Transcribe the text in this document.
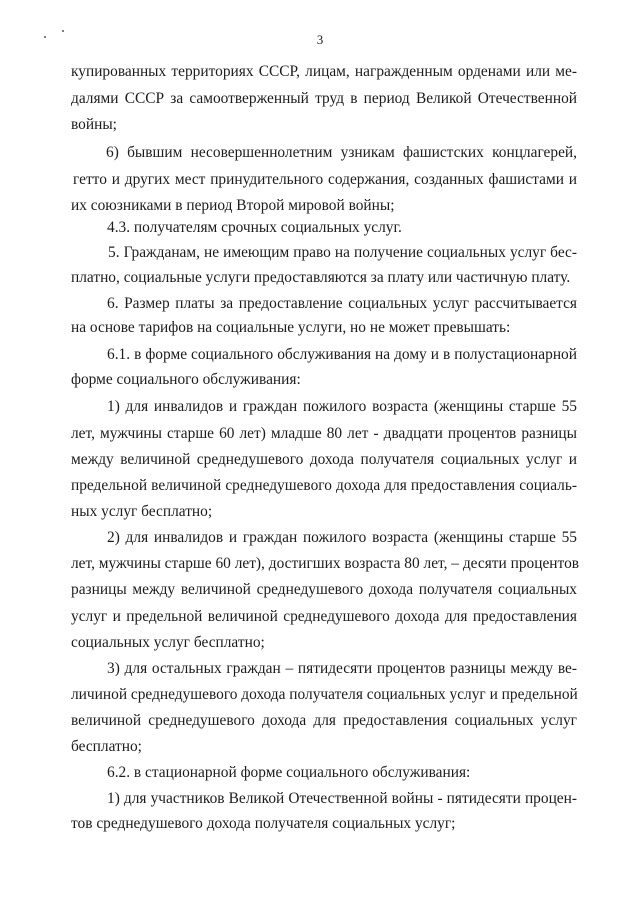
3
купированных территориях СССР, лицам, награжденным орденами или ме-
далями СССР за самоотверженный труд в период Великой Отечественной
войны;
6) бывшим несовершеннолетним узникам фашистских концлагерей,
гетто и других мест принудительного содержания, созданных фашистами и
их союзниками в период Второй мировой войны;
4.3. получателям срочных социальных услуг.
5. Гражданам, не имеющим право на получение социальных услуг бес-
платно, социальные услуги предоставляются за плату или частичную плату.
6. Размер платы за предоставление социальных услуг рассчитывается
на основе тарифов на социальные услуги, но не может превышать:
6.1. в форме социального обслуживания на дому и в полустационарной
форме социального обслуживания:
1) для инвалидов и граждан пожилого возраста (женщины старше 55
лет, мужчины старше 60 лет) младше 80 лет - двадцати процентов разницы
между величиной среднедушевого дохода получателя социальных услуг и
предельной величиной среднедушевого дохода для предоставления социаль-
ных услуг бесплатно;
2) для инвалидов и граждан пожилого возраста (женщины старше 55
лет, мужчины старше 60 лет), достигших возраста 80 лет, – десяти процентов
разницы между величиной среднедушевого дохода получателя социальных
услуг и предельной величиной среднедушевого дохода для предоставления
социальных услуг бесплатно;
3) для остальных граждан – пятидесяти процентов разницы между ве-
личиной среднедушевого дохода получателя социальных услуг и предельной
величиной среднедушевого дохода для предоставления социальных услуг
бесплатно;
6.2. в стационарной форме социального обслуживания:
1) для участников Великой Отечественной войны - пятидесяти процен-
тов среднедушевого дохода получателя социальных услуг;
